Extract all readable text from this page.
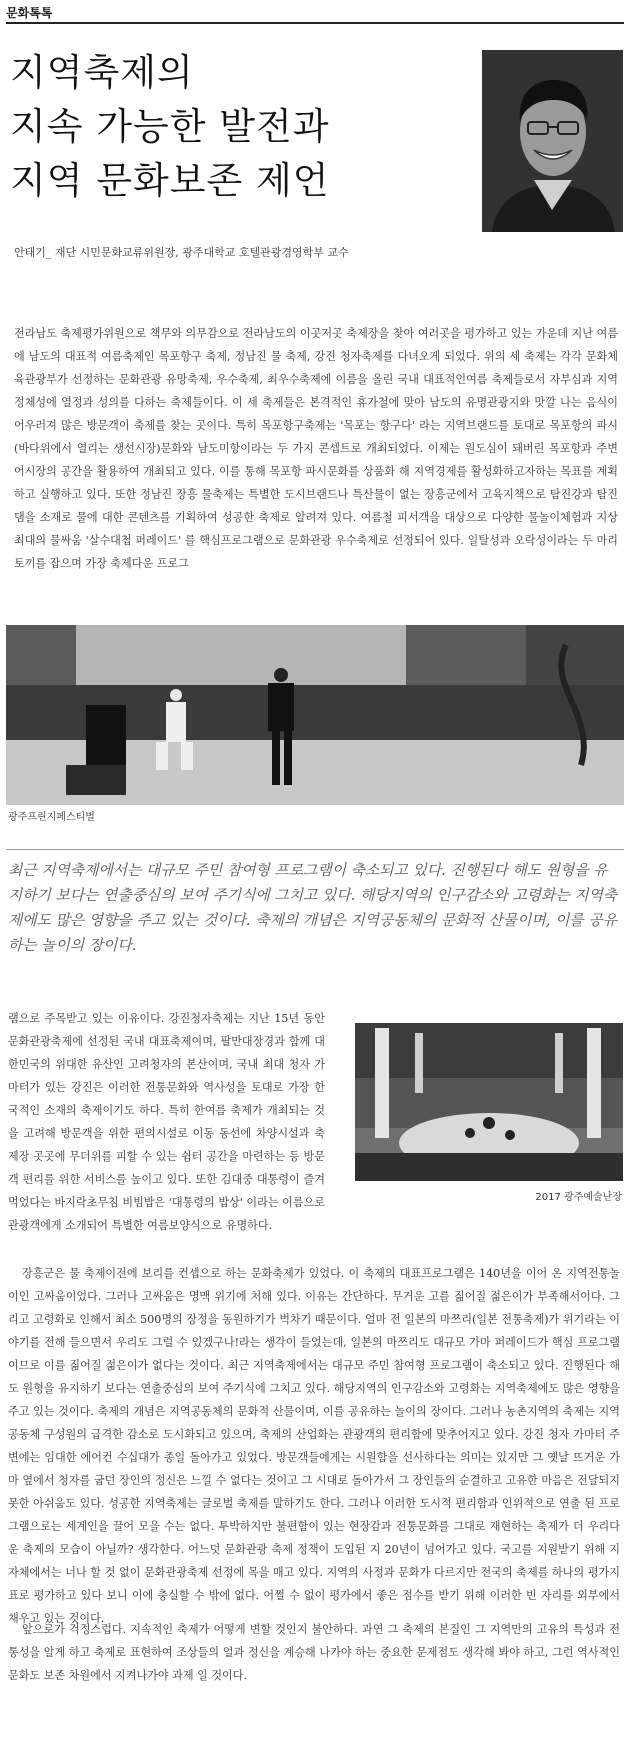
문화톡톡
지역축제의
지속 가능한 발전과
지역 문화보존 제언
안태기_ 재단 시민문화교류위원장, 광주대학교 호텔관광경영학부 교수

전라남도 축제평가위원으로 책무와 의무감으로 전라남도의 이곳저곳 축제장을 찾아 여러곳을 평가하고 있는 가운데 지난 여름에 남도의 대표적 여름축제인 목포항구 축제, 정남진 물 축제, 강진 청자축제를 다녀오게 되었다. 위의 세 축제는 각각 문화체육관광부가 선정하는 문화관광 유망축제, 우수축제, 최우수축제에 이름을 올린 국내 대표적인여름 축제들로서 자부심과 지역정체성에 열정과 성의를 다하는 축제들이다. 이 세 축제들은 본격적인 휴가철에 맞아 남도의 유명관광지와 맛깔 나는 음식이 어우러져 많은 방문객이 축제를 찾는 곳이다. 특히 목포항구축제는 '목포는 항구다' 라는 지역브랜드를 토대로 목포항의 파시(바다위에서 열리는 생선시장)문화와 남도미항이라는 두 가지 콘셉트로 개최되었다. 이제는 원도심이 돼버린 목포항과 주변 어시장의 공간을 활용하여 개최되고 있다. 이를 통해 목포항 파시문화를 상품화 해 지역경제를 활성화하고자하는 목표를 계획하고 실행하고 있다. 또한 정남진 장흥 물축제는 특별한 도시브랜드나 특산물이 없는 장흥군에서 고육지책으로 탐진강과 탐진댐을 소재로 물에 대한 콘텐츠를 기획하여 성공한 축제로 알려져 있다. 여름철 피서객을 대상으로 다양한 물놀이체험과 지상 최대의 물싸움 '살수대첩 퍼레이드' 를 핵심프로그램으로 문화관광 우수축제로 선정되어 있다. 일탈성과 오락성이라는 두 마리 토끼를 잡으며 가장 축제다운 프로그

광주프린지페스티벌

최근 지역축제에서는 대규모 주민 참여형 프로그램이 축소되고 있다. 진행된다 해도 원형을 유지하기 보다는 연출중심의 보여 주기식에 그치고 있다. 해당지역의 인구감소와 고령화는 지역축제에도 많은 영향을 주고 있는 것이다. 축제의 개념은 지역공동체의 문화적 산물이며, 이를 공유하는 놀이의 장이다.

램으로 주목받고 있는 이유이다. 강진청자축제는 지난 15년 동안 문화관광축제에 선정된 국내 대표축제이며, 팔만대장경과 함께 대한민국의 위대한 유산인 고려청자의 본산이며, 국내 최대 청자 가마터가 있는 강진은 이러한 전통문화와 역사성을 토대로 가장 한국적인 소재의 축제이기도 하다. 특히 한여름 축제가 개최되는 것을 고려해 방문객을 위한 편의시설로 이동 동선에 차양시설과 축제장 곳곳에 무더위를 피할 수 있는 쉼터 공간을 마련하는 등 방문객 편리를 위한 서비스를 높이고 있다. 또한 김대중 대통령이 즐겨먹었다는 바지락초무침 비빔밥은 '대통령의 밥상' 이라는 이름으로 관광객에게 소개되어 특별한 여름보양식으로 유명하다.

2017 광주예술난장

장흥군은 물 축제이전에 보리를 컨셉으로 하는 문화축제가 있었다. 이 축제의 대표프로그램은 140년을 이어 온 지역전통놀이인 고싸움이었다. 그러나 고싸움은 명맥 위기에 처해 있다. 이유는 간단하다. 무거운 고를 짊어질 젊은이가 부족해서이다. 그리고 고령화로 인해서 최소 500명의 장정을 동원하기가 벅차기 때문이다. 얼마 전 일본의 마쯔리(일본 전통축제)가 위기라는 이야기를 전해 들으면서 우리도 그럴 수 있겠구나!라는 생각이 들었는데, 일본의 마쯔리도 대규모 가마 퍼레이드가 핵심 프로그램이므로 이를 짊어질 젊은이가 없다는 것이다. 최근 지역축제에서는 대규모 주민 참여형 프로그램이 축소되고 있다. 진행된다 해도 원형을 유지하기 보다는 연출중심의 보여 주기식에 그치고 있다. 해당지역의 인구감소와 고령화는 지역축제에도 많은 영향을 주고 있는 것이다. 축제의 개념은 지역공동체의 문화적 산물이며, 이를 공유하는 놀이의 장이다. 그러나 농촌지역의 축제는 지역공동체 구성원의 급격한 감소로 도시화되고 있으며, 축제의 산업화는 관광객의 편리함에 맞추어지고 있다. 강진 청자 가마터 주변에는 임대한 에어컨 수십대가 종일 돌아가고 있었다. 방문객들에게는 시원함을 선사하다는 의미는 있지만 그 옛날 뜨거운 가마 옆에서 청자를 굽던 장인의 정신은 느낄 수 없다는 것이고 그 시대로 돌아가서 그 장인들의 순결하고 고유한 마음은 전달되지 못한 아쉬움도 있다. 성공한 지역축제는 글로벌 축제를 말하기도 한다. 그러나 이러한 도시적 편리함과 인위적으로 연출 된 프로그램으로는 세계인을 끌어 모을 수는 없다. 투박하지만 불편함이 있는 현장감과 전통문화를 그대로 재현하는 축제가 더 우리다운 축제의 모습이 아닐까? 생각한다. 어느덧 문화관광 축제 정책이 도입된 지 20년이 넘어가고 있다. 국고를 지원받기 위해 지자체에서는 너나 할 것 없이 문화관광축제 선정에 목을 매고 있다. 지역의 사정과 문화가 다르지만 전국의 축제를 하나의 평가지표로 평가하고 있다 보니 이에 충실할 수 밖에 없다. 어쩔 수 없이 평가에서 좋은 점수를 받기 위해 이러한 빈 자리를 외부에서 채우고 있는 것이다.

앞으로가 걱정스럽다. 지속적인 축제가 어떻게 변할 것인지 불안하다. 과연 그 축제의 본질인 그 지역만의 고유의 특성과 전통성을 알게 하고 축제로 표현하여 조상들의 얼과 정신을 계승해 나가야 하는 중요한 문제점도 생각해 봐야 하고, 그런 역사적인 문화도 보존 차원에서 지켜나가야 과제 일 것이다.
